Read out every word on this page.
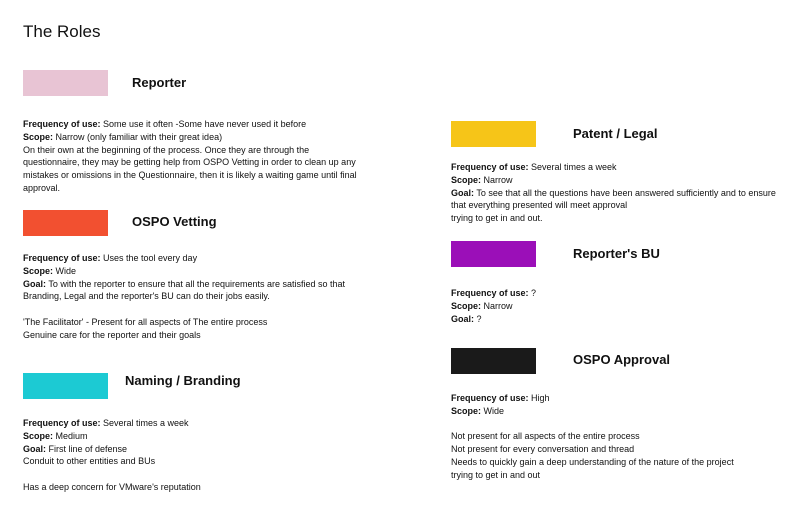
The Roles
Reporter
Frequency of use: Some use it often -Some have never used it before
Scope: Narrow (only familiar with their great idea)
On their own at the beginning of the process. Once they are through the
questionnaire, they may be getting help from OSPO Vetting in order to clean up any
mistakes or omissions in the Questionnaire, then it is likely a waiting game until final
approval.
OSPO Vetting
Frequency of use: Uses the tool every day
Scope: Wide
Goal: To with the reporter to ensure that all the requirements are satisfied so that
Branding, Legal and the reporter's BU can do their jobs easily.
'The Facilitator' - Present for all aspects of The entire process
Genuine care for the reporter and their goals
Naming / Branding
Frequency of use: Several times a week
Scope: Medium
Goal: First line of defense
Conduit to other entities and BUs
Has a deep concern for VMware's reputation
Patent / Legal
Frequency of use: Several times a week
Scope: Narrow
Goal: To see that all the questions have been answered sufficiently and to ensure
that everything presented will meet approval
trying to get in and out.
Reporter's BU
Frequency of use: ?
Scope: Narrow
Goal: ?
OSPO Approval
Frequency of use: High
Scope: Wide
Not present for all aspects of the entire process
Not present for every conversation and thread
Needs to quickly gain a deep understanding of the nature of the project
trying to get in and out
